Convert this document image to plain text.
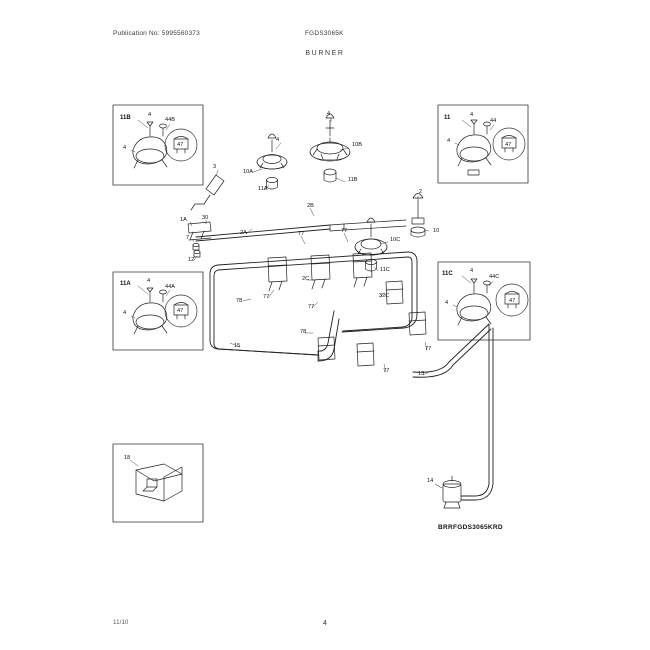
Publication No: 5995560373	FGDS3065K
BURNER
11B	4
44B
4	47
11	4
44
4
47
11A	4
44A
4	47
11C	4
44C
4	47
4
4
10B
10A
11A
11B
3
2
10
10C
11C
1A	30
7
12
2A
2B
77	77
2C
32C
77
78
77
78
77
77
15
13
14
18
BRRFGDS3065KRD
11/10	4
